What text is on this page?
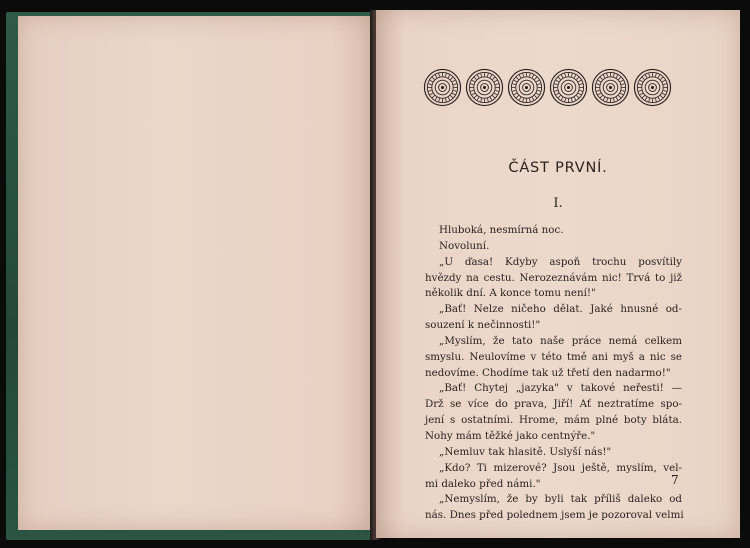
ČÁST PRVNÍ.
I.
Hluboká, nesmírná noc.
Novoluní.
„U ďasa! Kdyby aspoň trochu posvítily
hvězdy na cestu. Nerozeznávám nic! Trvá to již
několik dní. A konce tomu není!"
„Bať! Nelze ničeho dělat. Jaké hnusné od-
souzení k nečinnosti!"
„Myslím, že tato naše práce nemá celkem
smyslu. Neulovíme v této tmě ani myš a nic se
nedovíme. Chodíme tak už třetí den nadarmo!"
„Bať! Chytej „jazyka" v takové neřesti! —
Drž se více do prava, Jiří! Ať neztratíme spo-
jení s ostatními. Hrome, mám plné boty bláta.
Nohy mám těžké jako centnýře."
„Nemluv tak hlasitě. Uslyší nás!"
„Kdo? Ti mizerové? Jsou ještě, myslím, vel-
mi daleko před námi."
„Nemyslím, že by byli tak příliš daleko od
nás. Dnes před polednem jsem je pozoroval velmi
7
